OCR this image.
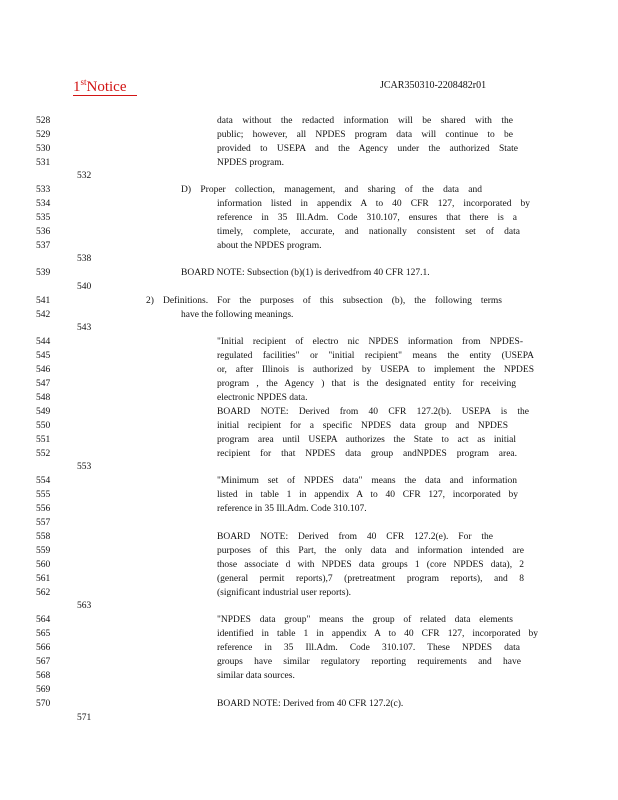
1stNotice	JCAR350310-2208482r01
528	data without the redacted information will be shared with the
529	public; however, all NPDES program data will continue to be
530	provided to USEPA and the Agency under the authorized State
531	NPDES program.
532
533	D) Proper collection, management, and sharing of the data and
534	information listed in appendix A to 40 CFR 127, incorporated by
535	reference in 35 Ill.Adm. Code 310.107, ensures that there is a
536	timely, complete, accurate, and nationally consistent set of data
537	about the NPDES program.
538
539	BOARD NOTE: Subsection (b)(1) is derivedfrom 40 CFR 127.1.
540
541	2) Definitions. For the purposes of this subsection (b), the following terms
542	have the following meanings.
543
544	"Initial recipient of electro nic NPDES information from NPDES-
545	regulated facilities" or "initial recipient" means the entity (USEPA
546	or, after Illinois is authorized by USEPA to implement the NPDES
547	program , the Agency ) that is the designated entity for receiving
548	electronic NPDES data.
549	BOARD NOTE: Derived from 40 CFR 127.2(b). USEPA is the
550	initial recipient for a specific NPDES data group and NPDES
551	program area until USEPA authorizes the State to act as initial
552	recipient for that NPDES data group andNPDES program area.
553
554	"Minimum set of NPDES data" means the data and information
555	listed in table 1 in appendix A to 40 CFR 127, incorporated by
556	reference in 35 Ill.Adm. Code 310.107.
557
558	BOARD NOTE: Derived from 40 CFR 127.2(e). For the
559	purposes of this Part, the only data and information intended are
560	those associate d with NPDES data groups 1 (core NPDES data), 2
561	(general permit reports),7 (pretreatment program reports), and 8
562	(significant industrial user reports).
563
564	"NPDES data group" means the group of related data elements
565	identified in table 1 in appendix A to 40 CFR 127, incorporated by
566	reference in 35 Ill.Adm. Code 310.107. These NPDES data
567	groups have similar regulatory reporting requirements and have
568	similar data sources.
569
570	BOARD NOTE: Derived from 40 CFR 127.2(c).
571
